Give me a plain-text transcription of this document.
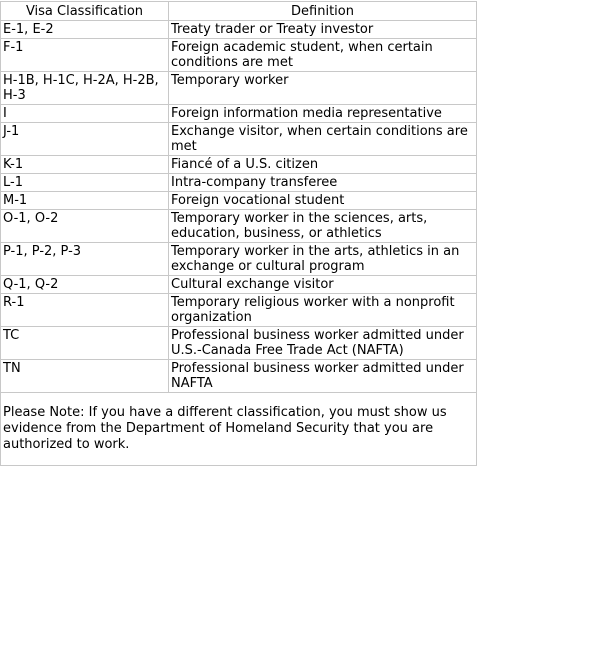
Visa Classification	Definition
E-1, E-2	Treaty trader or Treaty investor
F-1	Foreign academic student, when certain conditions are met
H-1B, H-1C, H-2A, H-2B, H-3	Temporary worker
I	Foreign information media representative
J-1	Exchange visitor, when certain conditions are met
K-1	Fiancé of a U.S. citizen
L-1	Intra-company transferee
M-1	Foreign vocational student
O-1, O-2	Temporary worker in the sciences, arts, education, business, or athletics
P-1, P-2, P-3	Temporary worker in the arts, athletics in an exchange or cultural program
Q-1, Q-2	Cultural exchange visitor
R-1	Temporary religious worker with a nonprofit organization
TC	Professional business worker admitted under U.S.-Canada Free Trade Act (NAFTA)
TN	Professional business worker admitted under NAFTA
Please Note: If you have a different classification, you must show us evidence from the Department of Homeland Security that you are authorized to work.	
